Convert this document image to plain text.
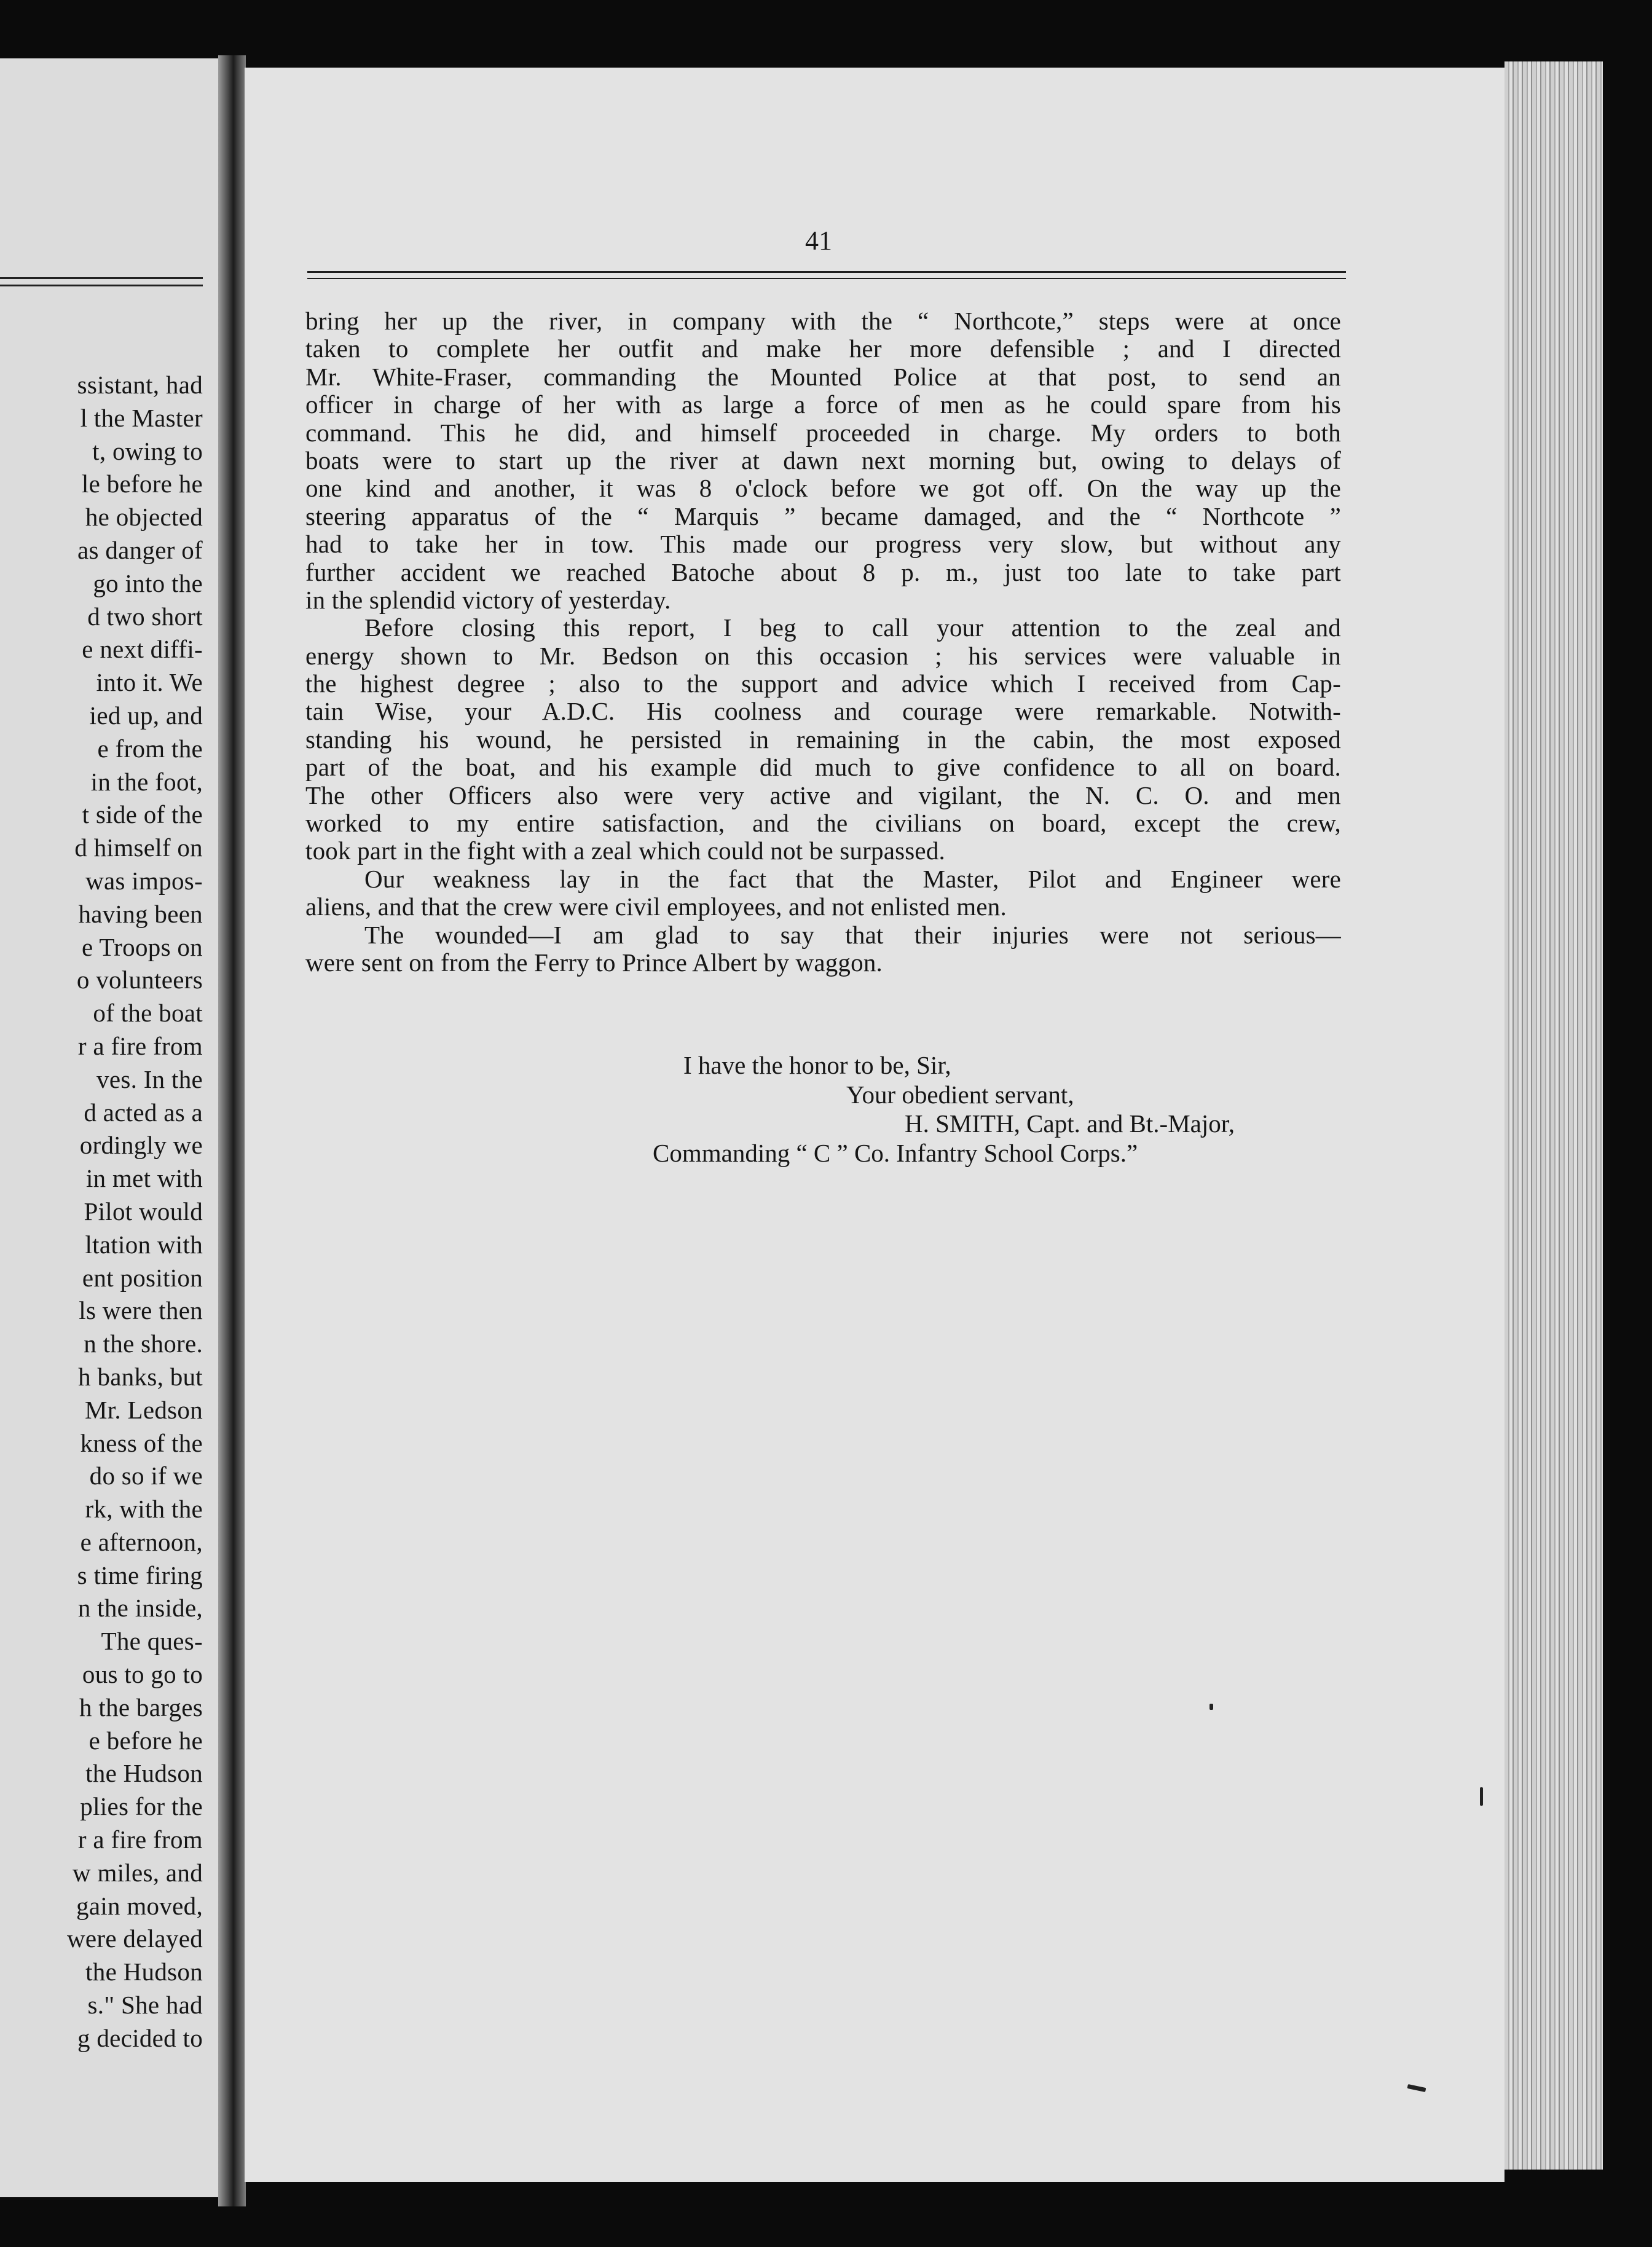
ssistant, had
l the Master
t, owing to
le before he
he objected
as danger of
go into the
d two short
e next diffi-
into it. We
ied up, and
e from the
in the foot,
t side of the
d himself on
was impos-
having been
e Troops on
o volunteers
of the boat
r a fire from
ves. In the
d acted as a
ordingly we
in met with
Pilot would
ltation with
ent position
ls were then
n the shore.
h banks, but
Mr. Ledson
kness of the
do so if we
rk, with the
e afternoon,
s time firing
n the inside,
The ques-
ous to go to
h the barges
e before he
the Hudson
plies for the
r a fire from
w miles, and
gain moved,
were delayed
the Hudson
s." She had
g decided to
41
bring her up the river, in company with the “ Northcote,” steps were at once
taken to complete her outfit and make her more defensible ; and I directed
Mr. White-Fraser, commanding the Mounted Police at that post, to send an
officer in charge of her with as large a force of men as he could spare from his
command. This he did, and himself proceeded in charge. My orders to both
boats were to start up the river at dawn next morning but, owing to delays of
one kind and another, it was 8 o'clock before we got off. On the way up the
steering apparatus of the “ Marquis ” became damaged, and the “ Northcote ”
had to take her in tow. This made our progress very slow, but without any
further accident we reached Batoche about 8 p. m., just too late to take part
in the splendid victory of yesterday.
Before closing this report, I beg to call your attention to the zeal and
energy shown to Mr. Bedson on this occasion ; his services were valuable in
the highest degree ; also to the support and advice which I received from Cap-
tain Wise, your A.D.C. His coolness and courage were remarkable. Notwith-
standing his wound, he persisted in remaining in the cabin, the most exposed
part of the boat, and his example did much to give confidence to all on board.
The other Officers also were very active and vigilant, the N. C. O. and men
worked to my entire satisfaction, and the civilians on board, except the crew,
took part in the fight with a zeal which could not be surpassed.
Our weakness lay in the fact that the Master, Pilot and Engineer were
aliens, and that the crew were civil employees, and not enlisted men.
The wounded—I am glad to say that their injuries were not serious—
were sent on from the Ferry to Prince Albert by waggon.
I have the honor to be, Sir,
Your obedient servant,
H. SMITH, Capt. and Bt.-Major,
Commanding “ C ” Co. Infantry School Corps.”
